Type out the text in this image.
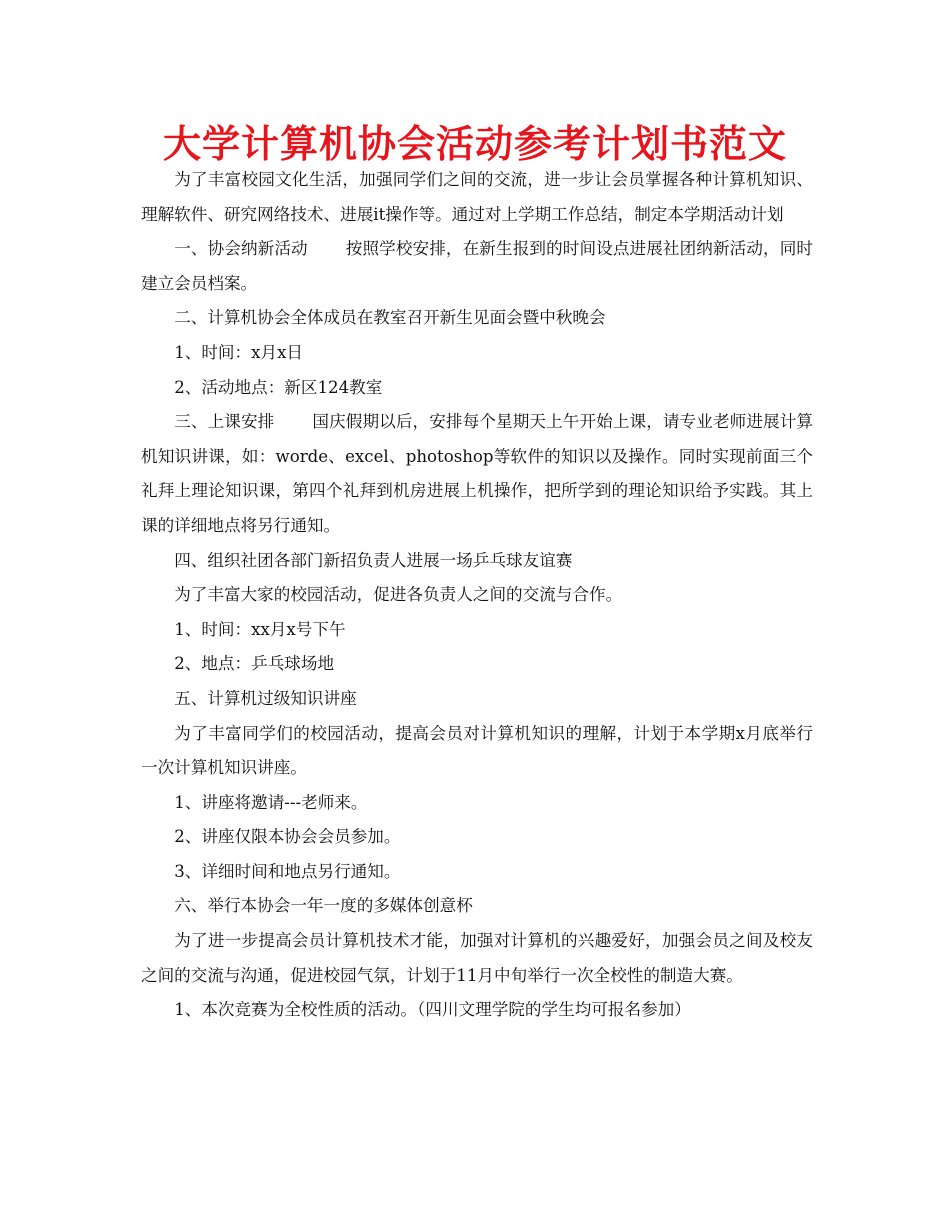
大学计算机协会活动参考计划书范文

为了丰富校园文化生活，加强同学们之间的交流，进一步让会员掌握各种计算机知识、理解软件、研究网络技术、进展it操作等。通过对上学期工作总结，制定本学期活动计划

一、协会纳新活动 按照学校安排，在新生报到的时间设点进展社团纳新活动，同时建立会员档案。

二、计算机协会全体成员在教室召开新生见面会暨中秋晚会

1、时间：x月x日

2、活动地点：新区124教室

三、上课安排 国庆假期以后，安排每个星期天上午开始上课，请专业老师进展计算机知识讲课，如：worde、excel、photoshop等软件的知识以及操作。同时实现前面三个礼拜上理论知识课，第四个礼拜到机房进展上机操作，把所学到的理论知识给予实践。其上课的详细地点将另行通知。

四、组织社团各部门新招负责人进展一场乒乓球友谊赛

为了丰富大家的校园活动，促进各负责人之间的交流与合作。

1、时间：xx月x号下午

2、地点：乒乓球场地

五、计算机过级知识讲座

为了丰富同学们的校园活动，提高会员对计算机知识的理解，计划于本学期x月底举行一次计算机知识讲座。

1、讲座将邀请---老师来。

2、讲座仅限本协会会员参加。

3、详细时间和地点另行通知。

六、举行本协会一年一度的多媒体创意杯

为了进一步提高会员计算机技术才能，加强对计算机的兴趣爱好，加强会员之间及校友之间的交流与沟通，促进校园气氛，计划于11月中旬举行一次全校性的制造大赛。

1、本次竞赛为全校性质的活动。（四川文理学院的学生均可报名参加）
